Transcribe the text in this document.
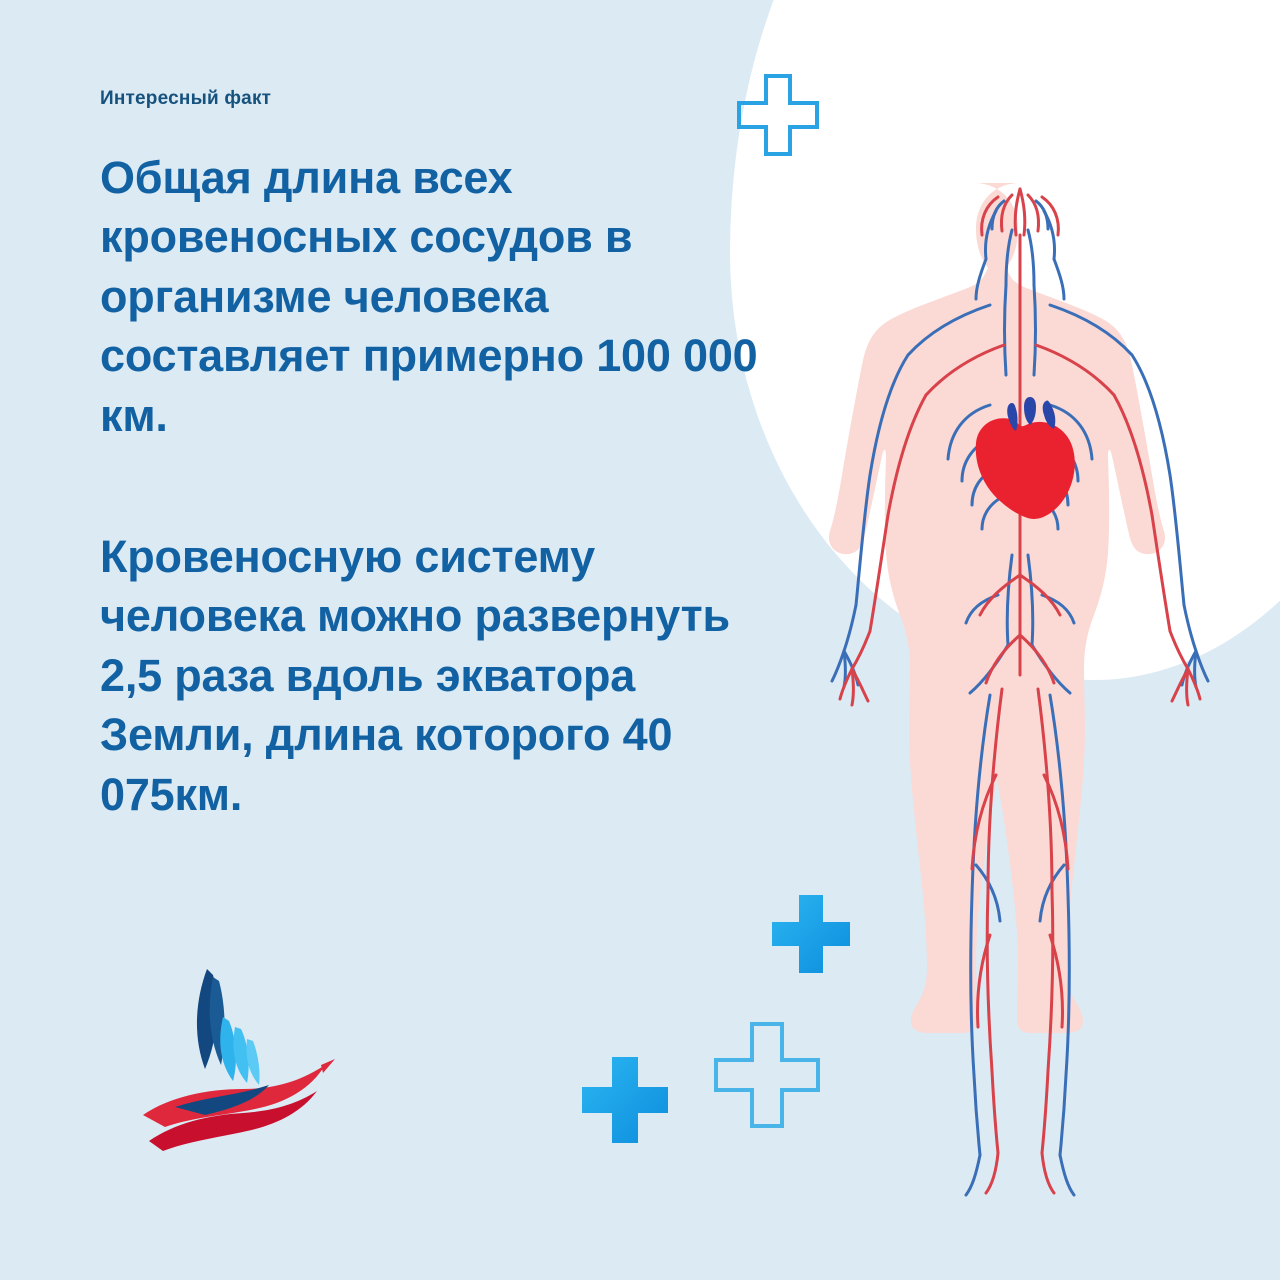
Интересный факт

Общая длина всех кровеносных сосудов в организме человека составляет примерно 100 000 км.

Кровеносную систему человека можно развернуть 2,5 раза вдоль экватора Земли, длина которого 40 075км.
